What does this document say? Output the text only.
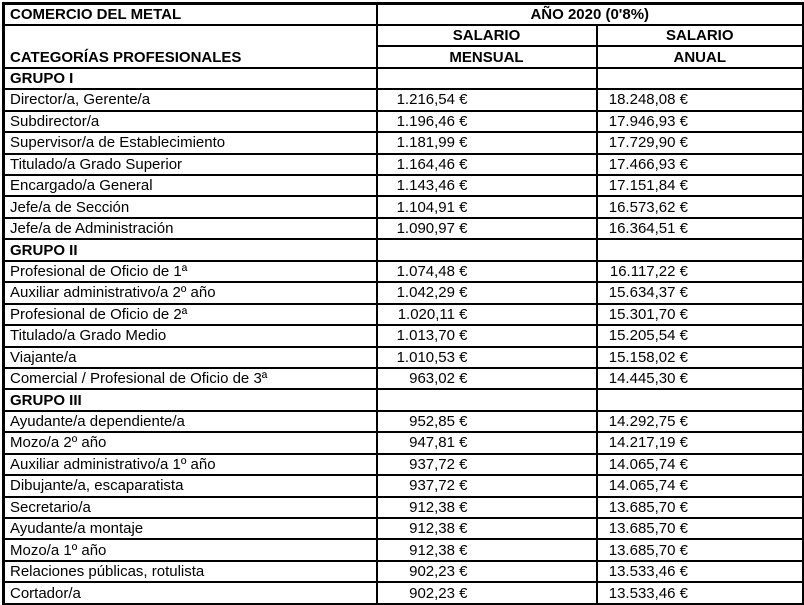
COMERCIO DEL METAL	AÑO 2020 (0'8%)	
CATEGORÍAS PROFESIONALES	SALARIO	SALARIO
	MENSUAL	ANUAL
GRUPO I		
Director/a, Gerente/a	1.216,54 €	18.248,08 €
Subdirector/a	1.196,46 €	17.946,93 €
Supervisor/a de Establecimiento	1.181,99 €	17.729,90 €
Titulado/a Grado Superior	1.164,46 €	17.466,93 €
Encargado/a General	1.143,46 €	17.151,84 €
Jefe/a de Sección	1.104,91 €	16.573,62 €
Jefe/a de Administración	1.090,97 €	16.364,51 €
GRUPO II		
Profesional de Oficio de 1ª	1.074,48 €	16.117,22 €
Auxiliar administrativo/a 2º año	1.042,29 €	15.634,37 €
Profesional de Oficio de 2ª	1.020,11 €	15.301,70 €
Titulado/a Grado Medio	1.013,70 €	15.205,54 €
Viajante/a	1.010,53 €	15.158,02 €
Comercial / Profesional de Oficio de 3ª	963,02 €	14.445,30 €
GRUPO III		
Ayudante/a dependiente/a	952,85 €	14.292,75 €
Mozo/a 2º año	947,81 €	14.217,19 €
Auxiliar administrativo/a 1º año	937,72 €	14.065,74 €
Dibujante/a, escaparatista	937,72 €	14.065,74 €
Secretario/a	912,38 €	13.685,70 €
Ayudante/a montaje	912,38 €	13.685,70 €
Mozo/a 1º año	912,38 €	13.685,70 €
Relaciones públicas, rotulista	902,23 €	13.533,46 €
Cortador/a	902,23 €	13.533,46 €
